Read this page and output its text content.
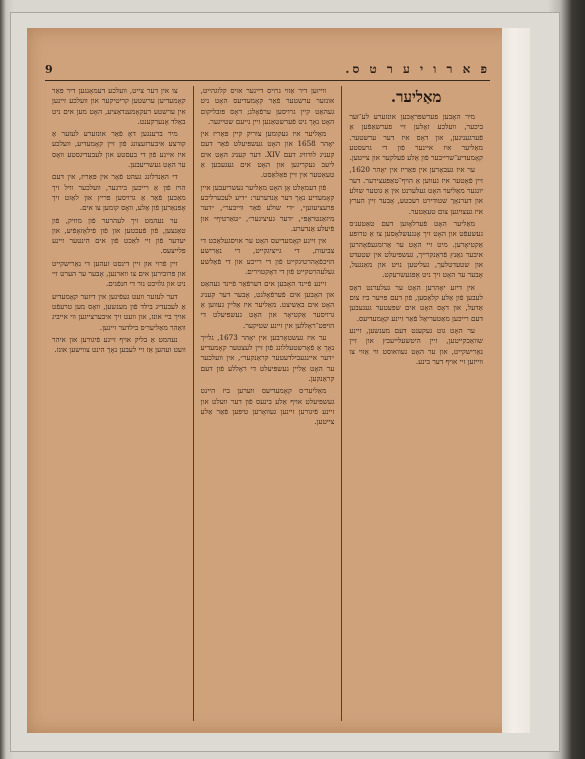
9	פ א ר ו י ע ר ט ס.
מאַליער.

מיר האָבען פערשפּראָכען אונזערע לע־זער ביכער, וועלכע זאָלען זיי פערשאַפֿען אַ פֿערגעניגען, און דאָס איז דער ערשטער. מאַליער איז איינער פֿון די גרעסטע קאָמעדיע־שרייבער פֿון אַלע פֿעלקער און צייטען.

ער איז געבאָרען אין פּאַריז אין יאָהר 1620, זיין פֿאָטער איז געווען אַ הויף־טאַפּעצירער. דער יונגער מאַליער האָט געלערנט אין אַ גוטער שולע און דערנאָך שטודירט רעכטע, אָבער זיין הערץ איז געצויגען צום טעאַטער.

מאַליער האָט פֿערלאָזען דעם טאַטענ׳ס געשעפֿט און האָט זיך אָנגעשלאָסען צו אַ טרופּע אַקטיאָרען. מיט זיי האָט ער אַרומגעפֿאָהרען איבער גאַנץ פֿראַנקרייך, געשפּיעלט אין שטעדט און שטעדטלעך, געליטען נויט און מאַנגעל, אָבער ער האָט זיך ניט אָפּגעשרעקט.

אין דיזע יאָהרען האָט ער געלערנט דאָס לעבען פֿון אַלע קלאַסען, פֿון דעם פּויער ביז צום אַדעל, און דאָס האָט אים שפּעטער געגעבען דעם רייכען מאַטעריאַל פֿאַר זיינע קאָמעדיעס.

ער האָט גוט געקענט דעם מענשען, זיינע שוואַכקייטען, זיין היטשעלייעכץ און זיין נאַרישקייט, און ער האָט געוואוסט ווי אַזוי צו ווייזען זיי אויף דער בינע.

ווייזען דיר אַזוי גרויס דיינער אויס קלוגהייט, אונזער ערשטער פֿאַר קאָמעדיעס האָט ניט געהאַט קיין גרויסען ערפֿאָלג; דאָס פּובליקום האָט נאָך ניט פֿערשטאַנען זיין נייעם שטייגער.

מאַליער איז געקומען צוריק קיין פּאַריז אין יאָהר 1658 און האָט געשפּיעלט פֿאַר דעם קעניג לודוויג דעם XIV. דער קעניג האָט אים ליעב געקריגען און האָט אים געגעבען אַ טעאַטער אין זיין פּאַלאַסט.

פֿון דעמאָלט אָן האָט מאַליער געשריעבען איין קאָמעדיע נאָך דער אַנדערער: ״דיע לעכערליכע פּרעציעזען״, ״די שולע פֿאַר ווייבער״, ״דער מיזאַנטראָפּ״, ״דער געיציגער״, ״טאַרטיף״ און פֿיעלע אַנדערע.

אין זיינע קאָמעדיעס האָט ער אויסגעלאַכט די צביעות, די גייציגקייט, די נאַרישע הויכפֿאָהרטיגקייט פֿון די רייכע און די פֿאַלשע געלעהרטקייט פֿון די דאָקטוירים.

זיינע פֿיינד האָבען אים דערפֿאַר פֿיינד געהאַט און האָבען אים פֿערפֿאָלגט, אָבער דער קעניג האָט אים באַשיצט. מאַליער איז אַליין געווען אַ גרויסער אַקטיאָר און האָט געשפּיעלט די הויפּט־ראָללען אין זיינע שטיקער.

ער איז געשטאָרבען אין יאָהר 1673, גלייך נאָך אַ פֿאָרשטעללונג פֿון זיין לעצטער קאָמעדיע ״דער איינגעבילדעטער קראַנקער״, אין וועלכער ער האָט אַליין געשפּיעלט די ראָללע פֿון דעם קראַנקען.

מאַליער׳ס קאָמעדיעס ווערען ביז היינט געשפּיעלט אויף אַלע בינעס פֿון דער וועלט און זיינע פֿיגורען זיינען געוואָרען טיפּען פֿאַר אַלע צייטען.

צו אין דער צייט, וועלכע דעמאָנגען דיר פּאַר קאָמעדיען ערשטען קריטיקער און וועלכע זיינען אין ערשטע רעקאָמענדאַציע, האָט מען אים ניט באַלד אָנערקענט.

מיר ברענגען דאָ פֿאַר אונזערע לעזער אַ קורצע איבערזעצונג פֿון זיין קאָמעדיע, וועלכע איז איינע פֿון די בעסטע און לעבעדיגסטע וואָס ער האָט געשריעבען.

די האַנדלונג געהט פֿאָר אין פּאַריז, אין דעם הויז פֿון אַ רייכען בירגער, וועלכער וויל זיך מאַכען פֿאַר אַ גרויסען פּריץ און לאַזט זיך אָפּנאַרען פֿון אַלע, וואָס קומען צו אים.

ער נעהמט זיך לעהרער פֿון מוזיק, פֿון טאַנצען, פֿון פֿעכטען און פֿון פֿילאָזאָפֿיע, און יעדער פֿון זיי לאַכט פֿון אים הינטער זיינע פּלייצעס.

זיין פֿרוי און זיין דינסט זעהען די נאַרישקייט און פּרובירען אים צו ווארנען, אָבער ער הערט זיי ניט און גלויבט נור די חנפֿנים.

דער לעזער וועט געפֿינען אין דיזער קאָמעדיע אַ לעבעדיג בילד פֿון מענשען, וואָס מען טרעפֿט אויך ביי אונז, און וועט זיך איבערצייגען ווי אייביג וואַהר מאַליער׳ס בילדער זיינען.

נעהמט אַ בליק אויף זיינע פֿיגורען און איהר וועט זעהען אַז זיי לעבען נאָך הינט צווישען אונז.
